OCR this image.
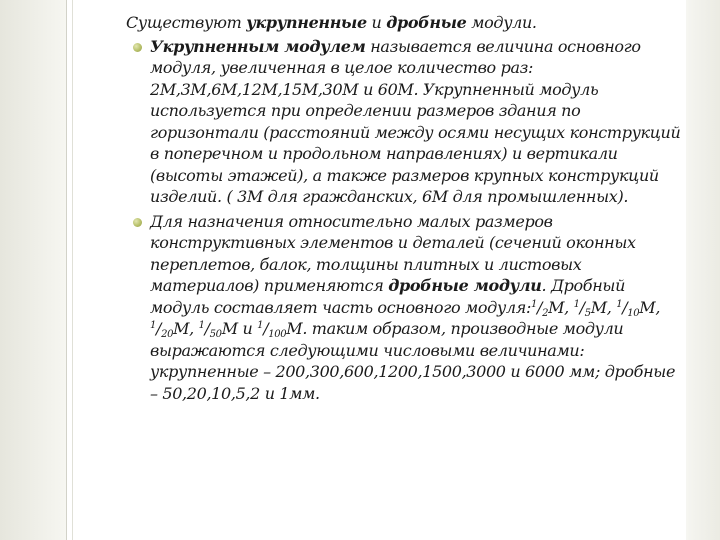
Существуют укрупненные и дробные модули.

Укрупненным модулем называется величина основного модуля, увеличенная в целое количество раз: 2М,3М,6М,12М,15М,30М и 60М. Укрупненный модуль используется при определении размеров здания по горизонтали (расстояний между осями несущих конструкций в поперечном и продольном направлениях) и вертикали (высоты этажей), а также размеров крупных конструкций изделий. ( 3М для гражданских, 6М для промышленных).
Для назначения относительно малых размеров конструктивных элементов и деталей (сечений оконных переплетов, балок, толщины плитных и листовых материалов) применяются дробные модули. Дробный модуль составляет часть основного $модуля:^1/_2М$, $^1/_5М$, $^1/_{10}М$, $^1/_{20}М$, $^1/_{50}М$ и $^1/_{100}М$. таким образом, производные модули выражаются следующими числовыми величинами: укрупненные – 200,300,600,1200,1500,3000 и 6000 мм; дробные – 50,20,10,5,2 и 1мм.
